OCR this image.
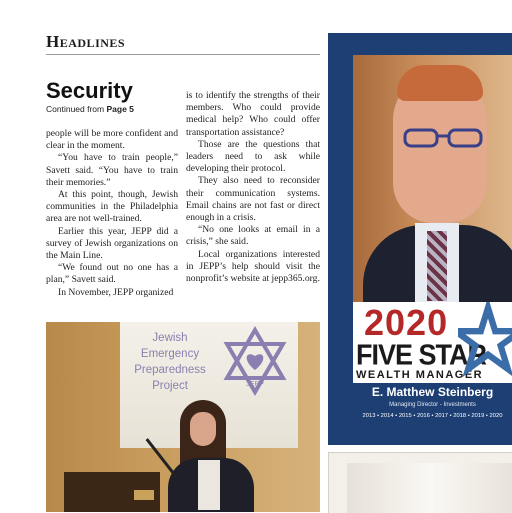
Headlines
Security
Continued from Page 5

people will be more confident and clear in the moment.

“You have to train people,” Savett said. “You have to train their memories.”

At this point, though, Jewish communities in the Philadelphia area are not well-trained.

Earlier this year, JEPP did a survey of Jewish organizations on the Main Line.

“We found out no one has a plan,” Savett said.

In November, JEPP organized

is to identify the strengths of their members. Who could provide medical help? Who could offer transportation assistance?

Those are the questions that leaders need to ask while developing their protocol.

They also need to reconsider their communication systems. Email chains are not fast or direct enough in a crisis.

“No one looks at email in a crisis,” she said.

Local organizations interested in JEPP’s help should visit the nonprofit’s website at jepp365.org.

Jewish
Emergency
Preparedness
Project	JEPP
2020
FIVE STAR
WEALTH MANAGER
E. Matthew Steinberg
Managing Director - Investments
2013 • 2014 • 2015 • 2016 • 2017 • 2018 • 2019 • 2020
